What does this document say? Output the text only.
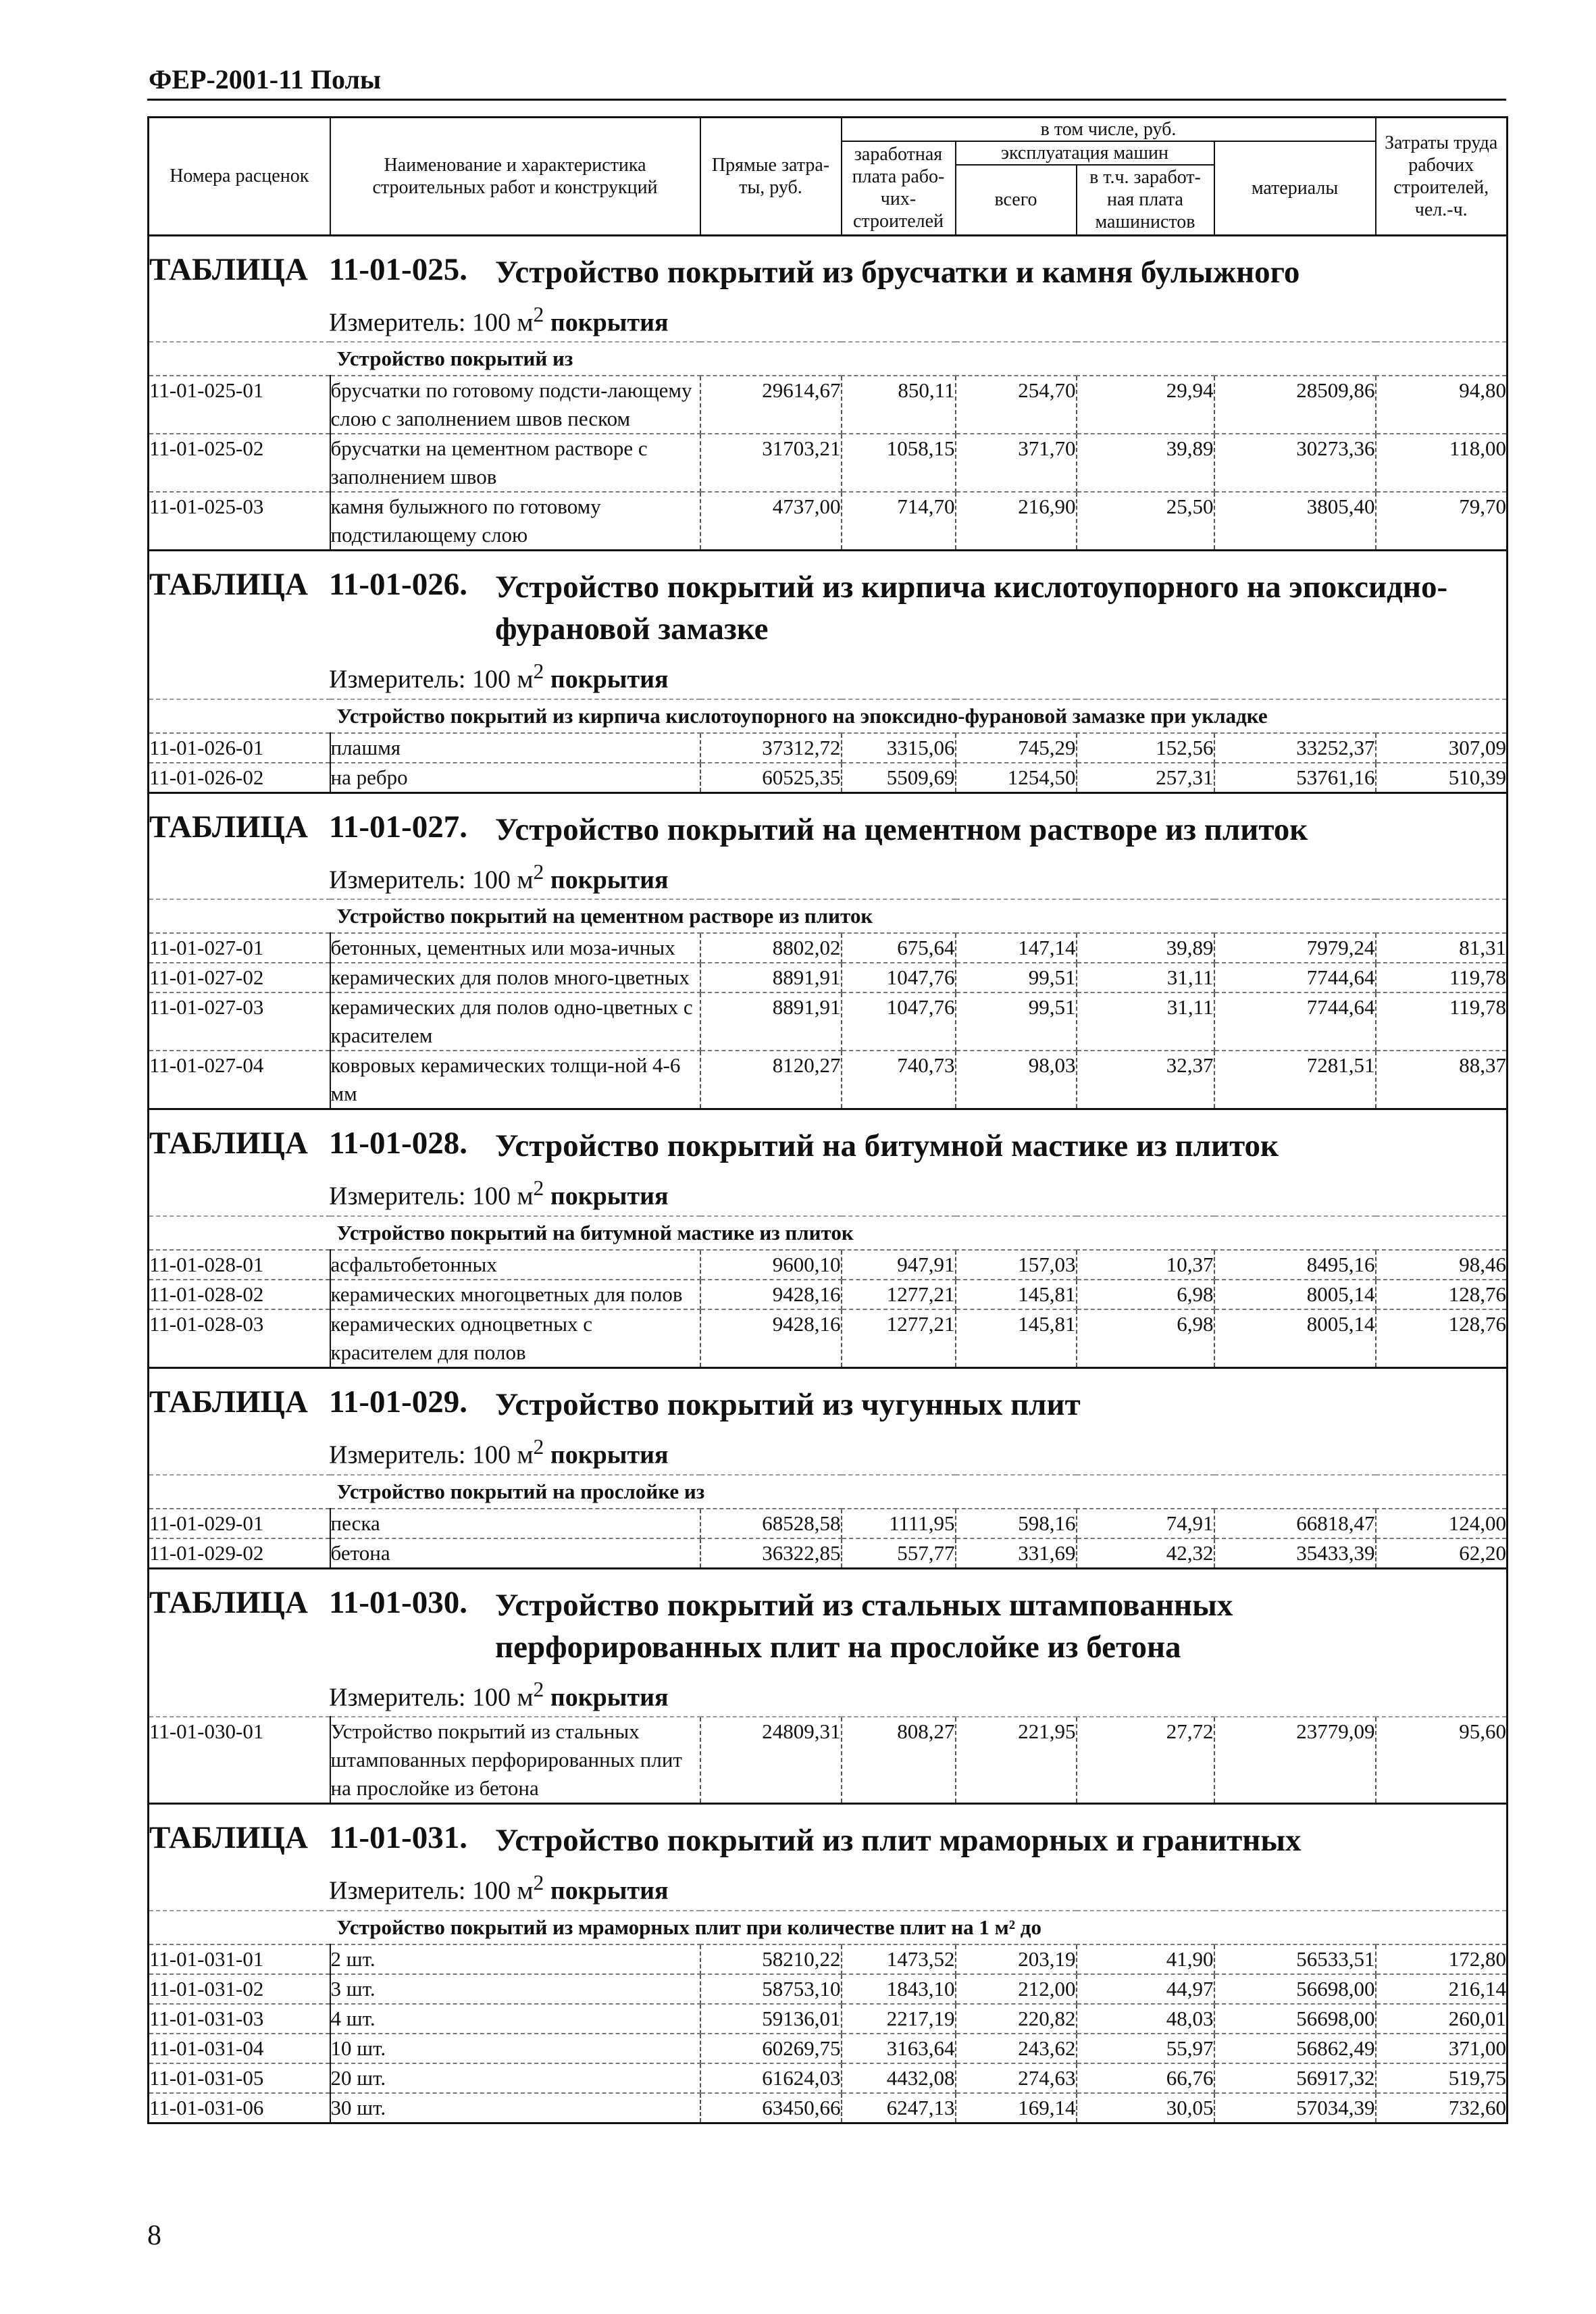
ФЕР-2001-11 Полы
Номера расценок	Наименование и характеристика строительных работ и конструкций	Прямые затра-ты, руб.	в том числе, руб.				Затраты труда рабочих строителей, чел.-ч.
			заработная плата рабо-чих-строителей	эксплуатация машин		материалы	
				всего	в т.ч. заработ-ная плата машинистов		
ТАБЛИЦА 11-01-025. Устройство покрытий из брусчатки и камня булыжного							
Измеритель: 100 $м^2$ покрытия							
	Устройство покрытий из						
11-01-025-01	брусчатки по готовому подсти-лающему слою с заполнением швов песком	29614,67	850,11	254,70	29,94	28509,86	94,80
11-01-025-02	брусчатки на цементном растворе с заполнением швов	31703,21	1058,15	371,70	39,89	30273,36	118,00
11-01-025-03	камня булыжного по готовому подстилающему слою	4737,00	714,70	216,90	25,50	3805,40	79,70
ТАБЛИЦА 11-01-026. Устройство покрытий из кирпича кислотоупорного на эпоксидно-фурановой замазке							
Измеритель: 100 $м^2$ покрытия							
	Устройство покрытий из кирпича кислотоупорного на эпоксидно-фурановой замазке при укладке						
11-01-026-01	плашмя	37312,72	3315,06	745,29	152,56	33252,37	307,09
11-01-026-02	на ребро	60525,35	5509,69	1254,50	257,31	53761,16	510,39
ТАБЛИЦА 11-01-027. Устройство покрытий на цементном растворе из плиток							
Измеритель: 100 $м^2$ покрытия							
	Устройство покрытий на цементном растворе из плиток						
11-01-027-01	бетонных, цементных или моза-ичных	8802,02	675,64	147,14	39,89	7979,24	81,31
11-01-027-02	керамических для полов много-цветных	8891,91	1047,76	99,51	31,11	7744,64	119,78
11-01-027-03	керамических для полов одно-цветных с красителем	8891,91	1047,76	99,51	31,11	7744,64	119,78
11-01-027-04	ковровых керамических толщи-ной 4-6 мм	8120,27	740,73	98,03	32,37	7281,51	88,37
ТАБЛИЦА 11-01-028. Устройство покрытий на битумной мастике из плиток							
Измеритель: 100 $м^2$ покрытия							
	Устройство покрытий на битумной мастике из плиток						
11-01-028-01	асфальтобетонных	9600,10	947,91	157,03	10,37	8495,16	98,46
11-01-028-02	керамических многоцветных для полов	9428,16	1277,21	145,81	6,98	8005,14	128,76
11-01-028-03	керамических одноцветных с красителем для полов	9428,16	1277,21	145,81	6,98	8005,14	128,76
ТАБЛИЦА 11-01-029. Устройство покрытий из чугунных плит							
Измеритель: 100 $м^2$ покрытия							
	Устройство покрытий на прослойке из						
11-01-029-01	песка	68528,58	1111,95	598,16	74,91	66818,47	124,00
11-01-029-02	бетона	36322,85	557,77	331,69	42,32	35433,39	62,20
ТАБЛИЦА 11-01-030. Устройство покрытий из стальных штампованных перфорированных плит на прослойке из бетона							
Измеритель: 100 $м^2$ покрытия							
11-01-030-01	Устройство покрытий из стальных штампованных перфорированных плит на прослойке из бетона	24809,31	808,27	221,95	27,72	23779,09	95,60
ТАБЛИЦА 11-01-031. Устройство покрытий из плит мраморных и гранитных							
Измеритель: 100 $м^2$ покрытия							
	Устройство покрытий из мраморных плит при количестве плит на 1 м² до						
11-01-031-01	2 шт.	58210,22	1473,52	203,19	41,90	56533,51	172,80
11-01-031-02	3 шт.	58753,10	1843,10	212,00	44,97	56698,00	216,14
11-01-031-03	4 шт.	59136,01	2217,19	220,82	48,03	56698,00	260,01
11-01-031-04	10 шт.	60269,75	3163,64	243,62	55,97	56862,49	371,00
11-01-031-05	20 шт.	61624,03	4432,08	274,63	66,76	56917,32	519,75
11-01-031-06	30 шт.	63450,66	6247,13	169,14	30,05	57034,39	732,60
8
